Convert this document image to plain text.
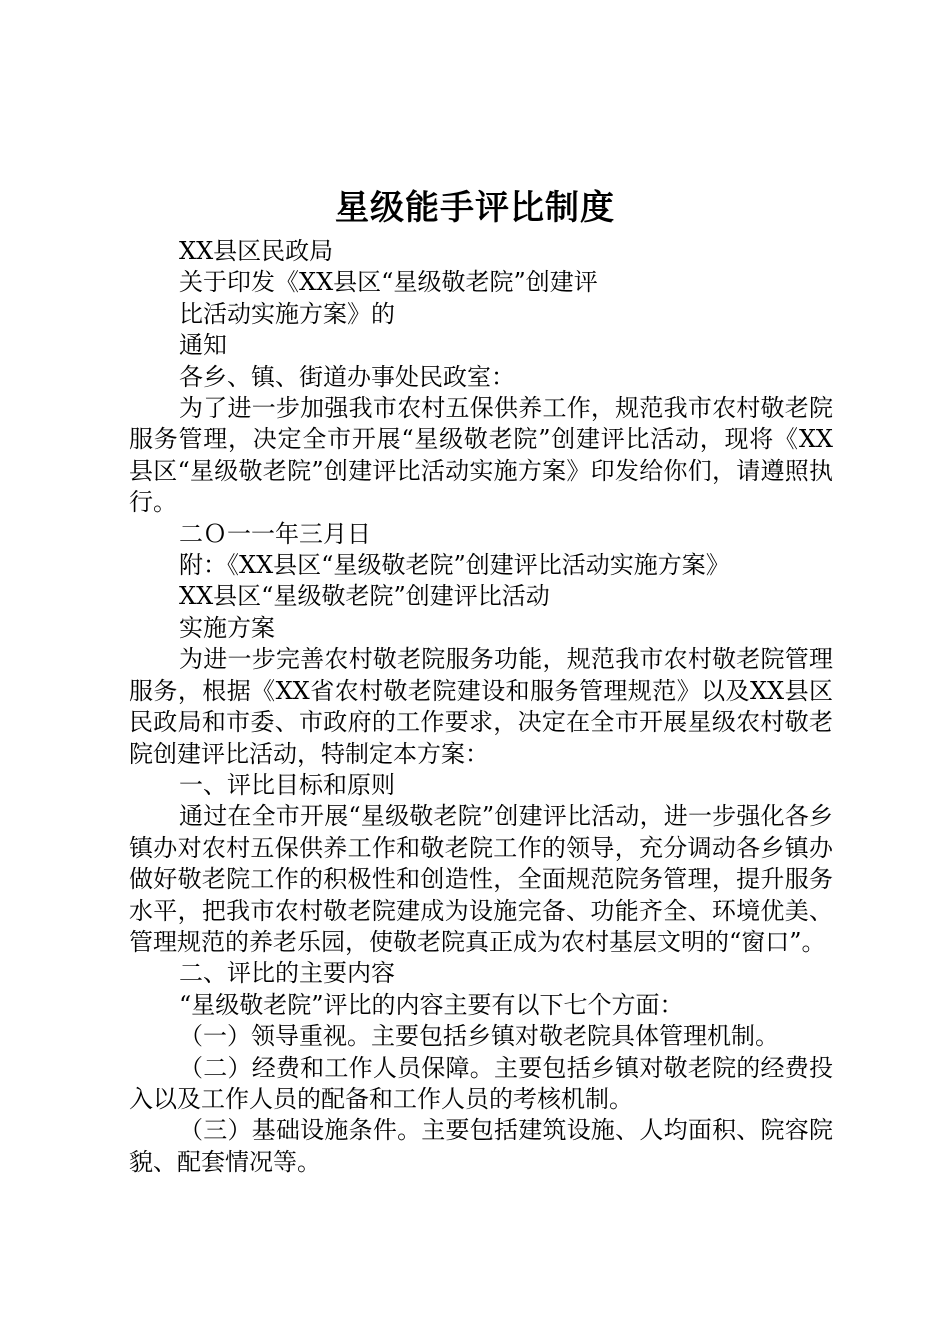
星级能手评比制度

XX县区民政局

关于印发《XX县区“星级敬老院”创建评

比活动实施方案》的

通知

各乡、镇、街道办事处民政室：

为了进一步加强我市农村五保供养工作，规范我市农村敬老院服务管理，决定全市开展“星级敬老院”创建评比活动，现将《XX县区“星级敬老院”创建评比活动实施方案》印发给你们，请遵照执行。

二Ｏ一一年三月日

附：《XX县区“星级敬老院”创建评比活动实施方案》

XX县区“星级敬老院”创建评比活动

实施方案

为进一步完善农村敬老院服务功能，规范我市农村敬老院管理服务，根据《XX省农村敬老院建设和服务管理规范》以及XX县区民政局和市委、市政府的工作要求，决定在全市开展星级农村敬老院创建评比活动，特制定本方案：

一、评比目标和原则

通过在全市开展“星级敬老院”创建评比活动，进一步强化各乡镇办对农村五保供养工作和敬老院工作的领导，充分调动各乡镇办做好敬老院工作的积极性和创造性，全面规范院务管理，提升服务水平，把我市农村敬老院建成为设施完备、功能齐全、环境优美、管理规范的养老乐园，使敬老院真正成为农村基层文明的“窗口”。

二、评比的主要内容

“星级敬老院”评比的内容主要有以下七个方面：

（一）领导重视。主要包括乡镇对敬老院具体管理机制。

（二）经费和工作人员保障。主要包括乡镇对敬老院的经费投入以及工作人员的配备和工作人员的考核机制。

（三）基础设施条件。主要包括建筑设施、人均面积、院容院貌、配套情况等。
